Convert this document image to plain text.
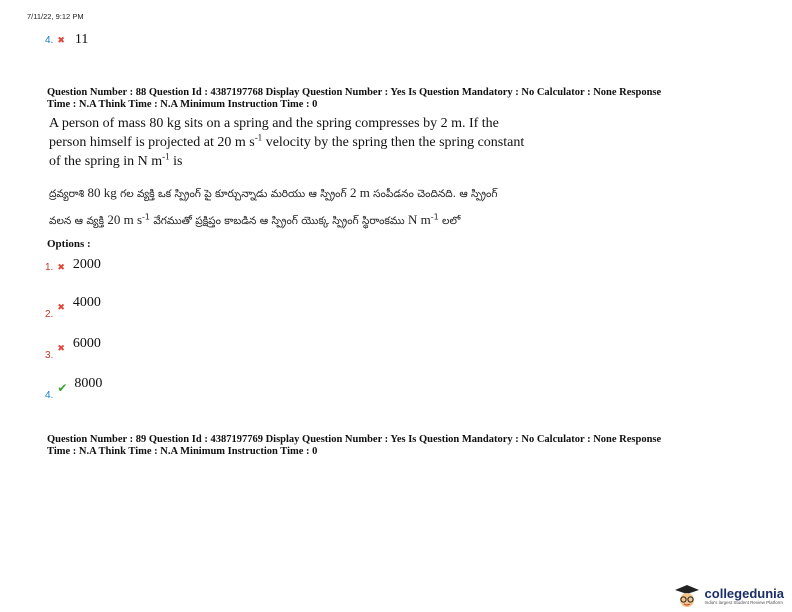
7/11/22, 9:12 PM
4. ✖ 11
Question Number : 88 Question Id : 4387197768 Display Question Number : Yes Is Question Mandatory : No Calculator : None Response
Time : N.A Think Time : N.A Minimum Instruction Time : 0
A person of mass 80 kg sits on a spring and the spring compresses by 2 m. If the
person himself is projected at 20 m $s^{-1}$ velocity by the spring then the spring constant
of the spring in N $m^{-1}$ is
ద్రవ్యరాశి 80 kg గల వ్యక్తి ఒక స్ప్రింగ్ పై కూర్చున్నాడు మరియు ఆ స్ప్రింగ్ 2 m సంపీడనం చెందినది. ఆ స్ప్రింగ్
వలన ఆ వ్యక్తి 20 m $s^{-1}$ వేగముతో ప్రక్షిప్తం కాబడిన ఆ స్ప్రింగ్ యొక్క స్ప్రింగ్ స్థిరాంకము N $m^{-1}$ లలో
Options :
1. ✖ 2000
$_{2.}$ $_✖$ 4000
$_{3.}$ $_✖$ 6000
$_{4.}$ $_✔$ 8000
Question Number : 89 Question Id : 4387197769 Display Question Number : Yes Is Question Mandatory : No Calculator : None Response
Time : N.A Think Time : N.A Minimum Instruction Time : 0
collegedunia
India's largest Student Review Platform
